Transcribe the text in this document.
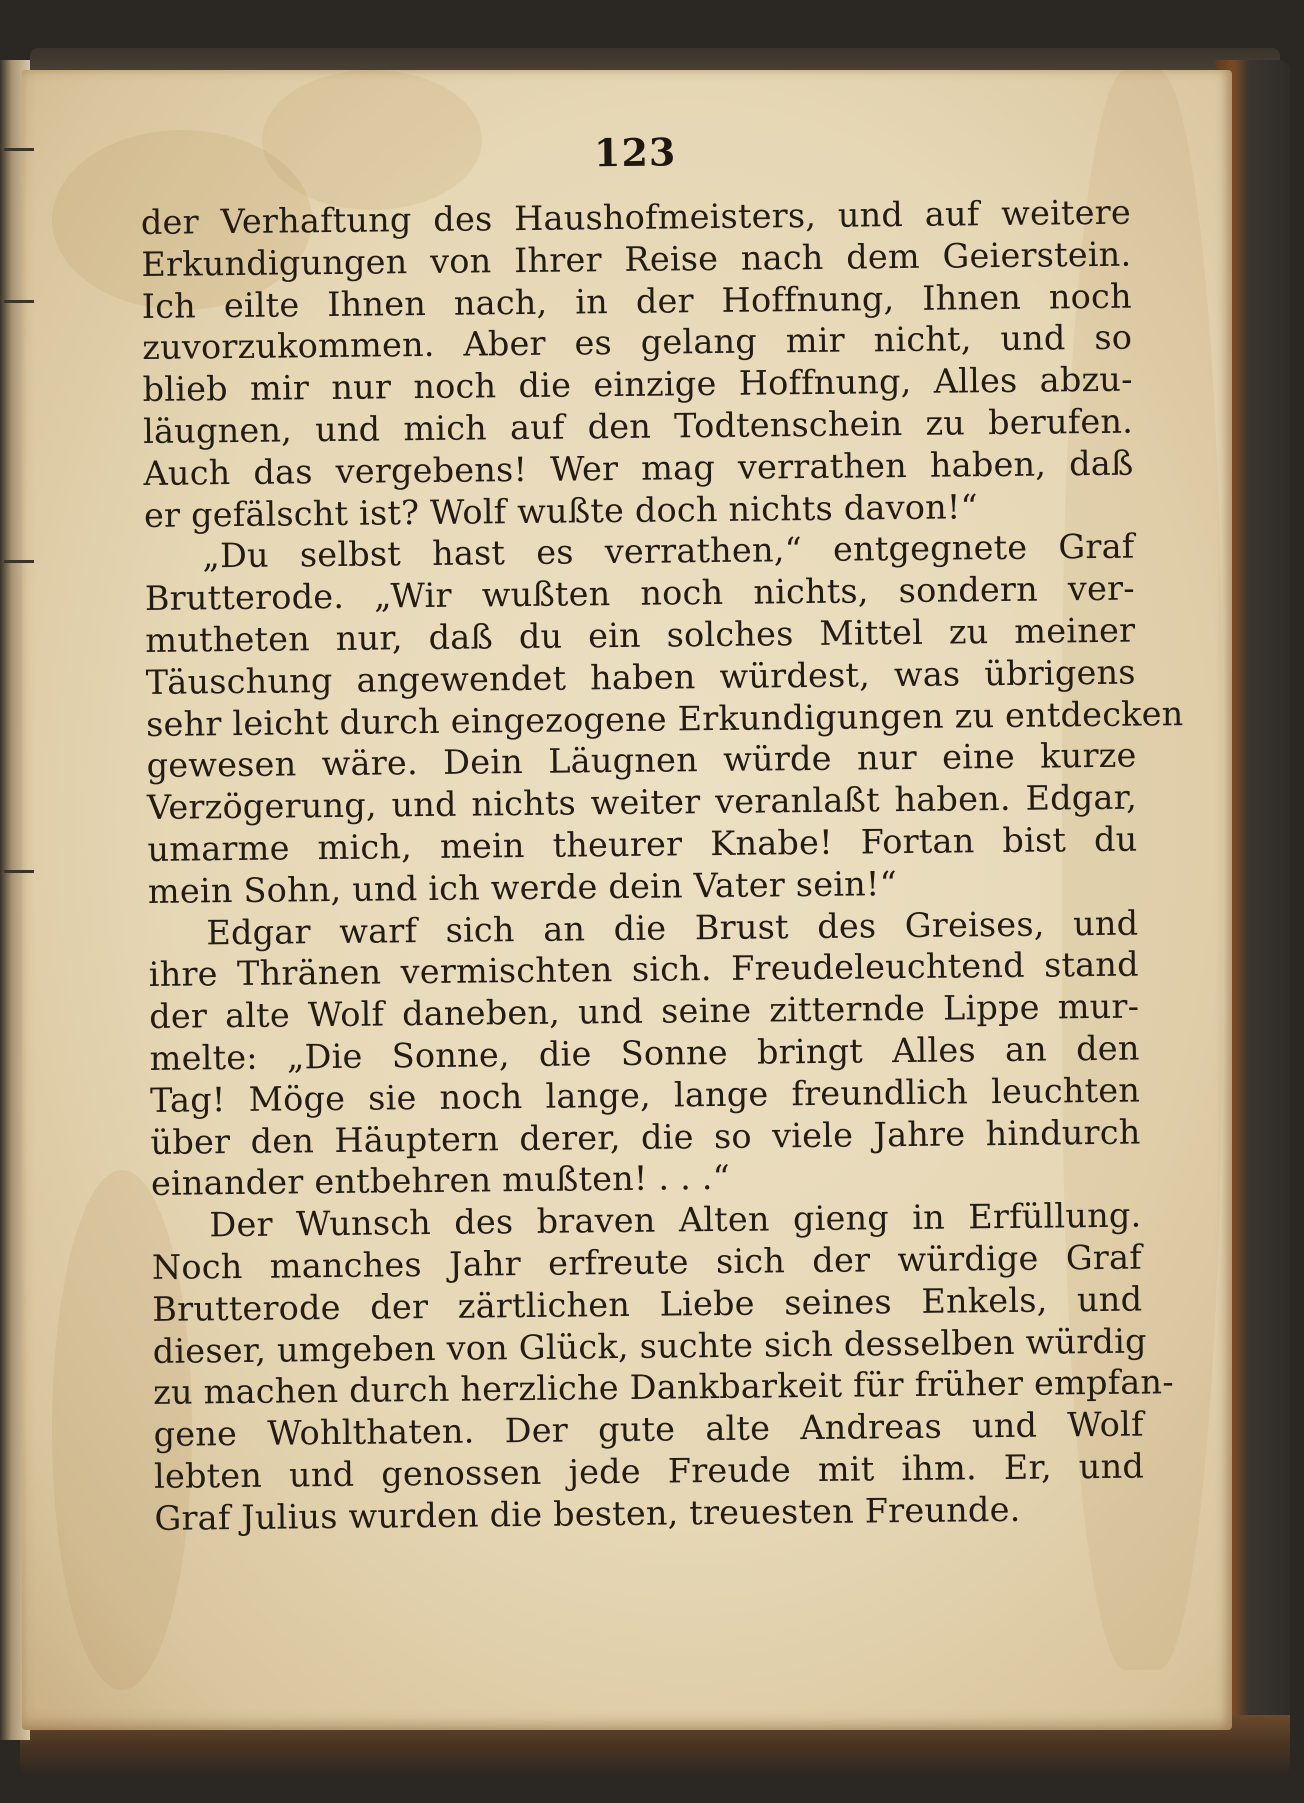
123
der Verhaftung des Haushofmeisters, und auf weitere
Erkundigungen von Ihrer Reise nach dem Geierstein.
Ich eilte Ihnen nach, in der Hoffnung, Ihnen noch
zuvorzukommen. Aber es gelang mir nicht, und so
blieb mir nur noch die einzige Hoffnung, Alles abzu-
läugnen, und mich auf den Todtenschein zu berufen.
Auch das vergebens! Wer mag verrathen haben, daß
er gefälscht ist? Wolf wußte doch nichts davon!“
„Du selbst hast es verrathen,“ entgegnete Graf
Brutterode. „Wir wußten noch nichts, sondern ver-
mutheten nur, daß du ein solches Mittel zu meiner
Täuschung angewendet haben würdest, was übrigens
sehr leicht durch eingezogene Erkundigungen zu entdecken
gewesen wäre. Dein Läugnen würde nur eine kurze
Verzögerung, und nichts weiter veranlaßt haben. Edgar,
umarme mich, mein theurer Knabe! Fortan bist du
mein Sohn, und ich werde dein Vater sein!“
Edgar warf sich an die Brust des Greises, und
ihre Thränen vermischten sich. Freudeleuchtend stand
der alte Wolf daneben, und seine zitternde Lippe mur-
melte: „Die Sonne, die Sonne bringt Alles an den
Tag! Möge sie noch lange, lange freundlich leuchten
über den Häuptern derer, die so viele Jahre hindurch
einander entbehren mußten! . . .“
Der Wunsch des braven Alten gieng in Erfüllung.
Noch manches Jahr erfreute sich der würdige Graf
Brutterode der zärtlichen Liebe seines Enkels, und
dieser, umgeben von Glück, suchte sich desselben würdig
zu machen durch herzliche Dankbarkeit für früher empfan-
gene Wohlthaten. Der gute alte Andreas und Wolf
lebten und genossen jede Freude mit ihm. Er, und
Graf Julius wurden die besten, treuesten Freunde.
